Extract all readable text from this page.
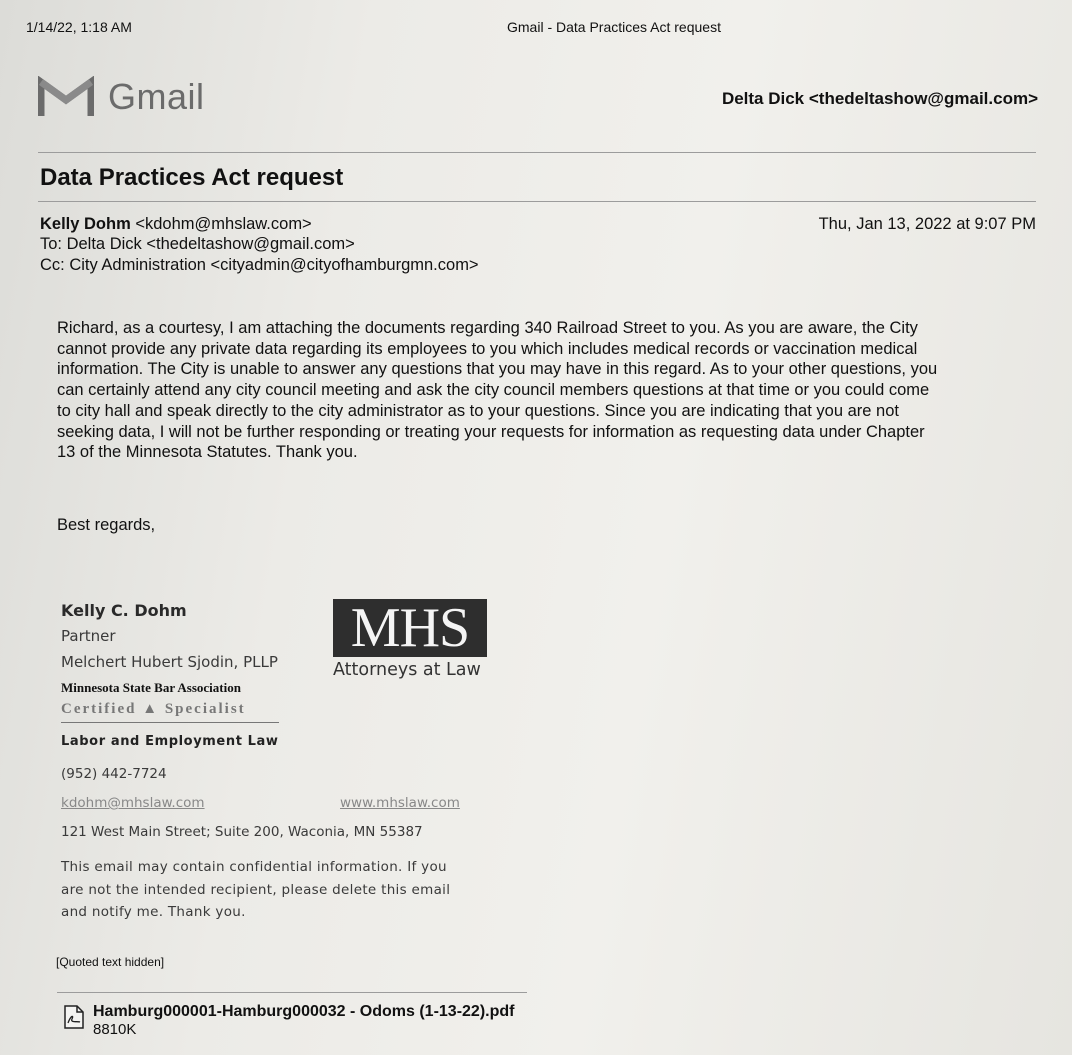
1/14/22, 1:18 AM	Gmail - Data Practices Act request
Gmail	Delta Dick <thedeltashow@gmail.com>
Data Practices Act request
Kelly Dohm <kdohm@mhslaw.com>	Thu, Jan 13, 2022 at 9:07 PM
To: Delta Dick <thedeltashow@gmail.com>
Cc: City Administration <cityadmin@cityofhamburgmn.com>
Richard, as a courtesy, I am attaching the documents regarding 340 Railroad Street to you. As you are aware, the City
cannot provide any private data regarding its employees to you which includes medical records or vaccination medical
information. The City is unable to answer any questions that you may have in this regard. As to your other questions, you
can certainly attend any city council meeting and ask the city council members questions at that time or you could come
to city hall and speak directly to the city administrator as to your questions. Since you are indicating that you are not
seeking data, I will not be further responding or treating your requests for information as requesting data under Chapter
13 of the Minnesota Statutes. Thank you.
Best regards,
Kelly C. Dohm
Partner
Melchert Hubert Sjodin, PLLP
Minnesota State Bar Association
Certified ▲ Specialist
Labor and Employment Law
(952) 442-7724
kdohm@mhslaw.com	www.mhslaw.com
121 West Main Street; Suite 200, Waconia, MN 55387
This email may contain confidential information. If you
are not the intended recipient, please delete this email
and notify me. Thank you.
MHS
Attorneys at Law
[Quoted text hidden]
Hamburg000001-Hamburg000032 - Odoms (1-13-22).pdf
8810K
